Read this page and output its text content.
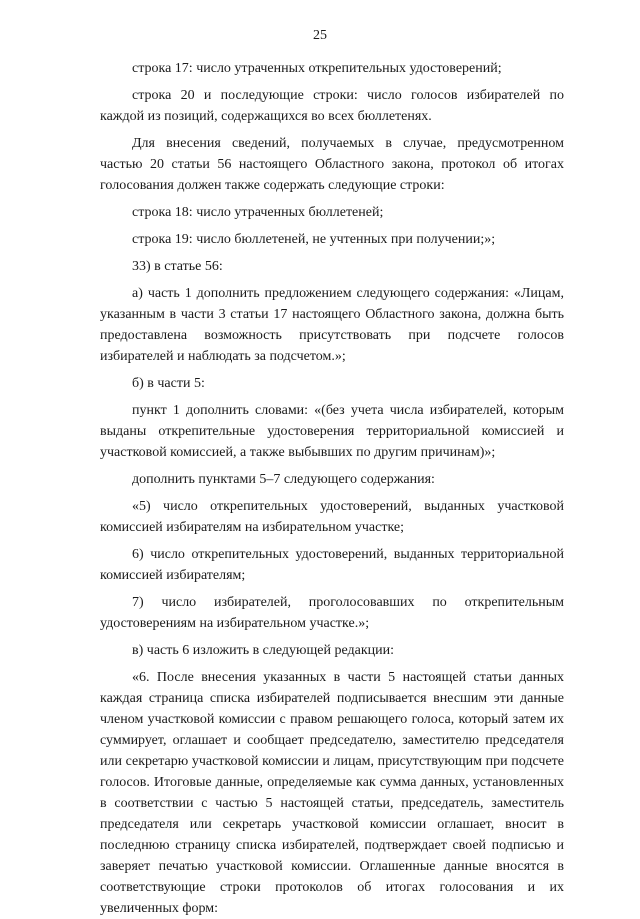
25

строка 17: число утраченных открепительных удостоверений;

строка 20 и последующие строки: число голосов избирателей по каждой из позиций, содержащихся во всех бюллетенях.

Для внесения сведений, получаемых в случае, предусмотренном частью 20 статьи 56 настоящего Областного закона, протокол об итогах голосования должен также содержать следующие строки:

строка 18: число утраченных бюллетеней;

строка 19: число бюллетеней, не учтенных при получении;»;

33) в статье 56:

а) часть 1 дополнить предложением следующего содержания: «Лицам, указанным в части 3 статьи 17 настоящего Областного закона, должна быть предоставлена возможность присутствовать при подсчете голосов избирателей и наблюдать за подсчетом.»;

б) в части 5:

пункт 1 дополнить словами: «(без учета числа избирателей, которым выданы открепительные удостоверения территориальной комиссией и участковой комиссией, а также выбывших по другим причинам)»;

дополнить пунктами 5–7 следующего содержания:

«5) число открепительных удостоверений, выданных участковой комиссией избирателям на избирательном участке;

6) число открепительных удостоверений, выданных территориальной комиссией избирателям;

7) число избирателей, проголосовавших по открепительным удостоверениям на избирательном участке.»;

в) часть 6 изложить в следующей редакции:

«6. После внесения указанных в части 5 настоящей статьи данных каждая страница списка избирателей подписывается внесшим эти данные членом участковой комиссии с правом решающего голоса, который затем их суммирует, оглашает и сообщает председателю, заместителю председателя или секретарю участковой комиссии и лицам, присутствующим при подсчете голосов. Итоговые данные, определяемые как сумма данных, установленных в соответствии с частью 5 настоящей статьи, председатель, заместитель председателя или секретарь участковой комиссии оглашает, вносит в последнюю страницу списка избирателей, подтверждает своей подписью и заверяет печатью участковой комиссии. Оглашенные данные вносятся в соответствующие строки протоколов об итогах голосования и их увеличенных форм:
